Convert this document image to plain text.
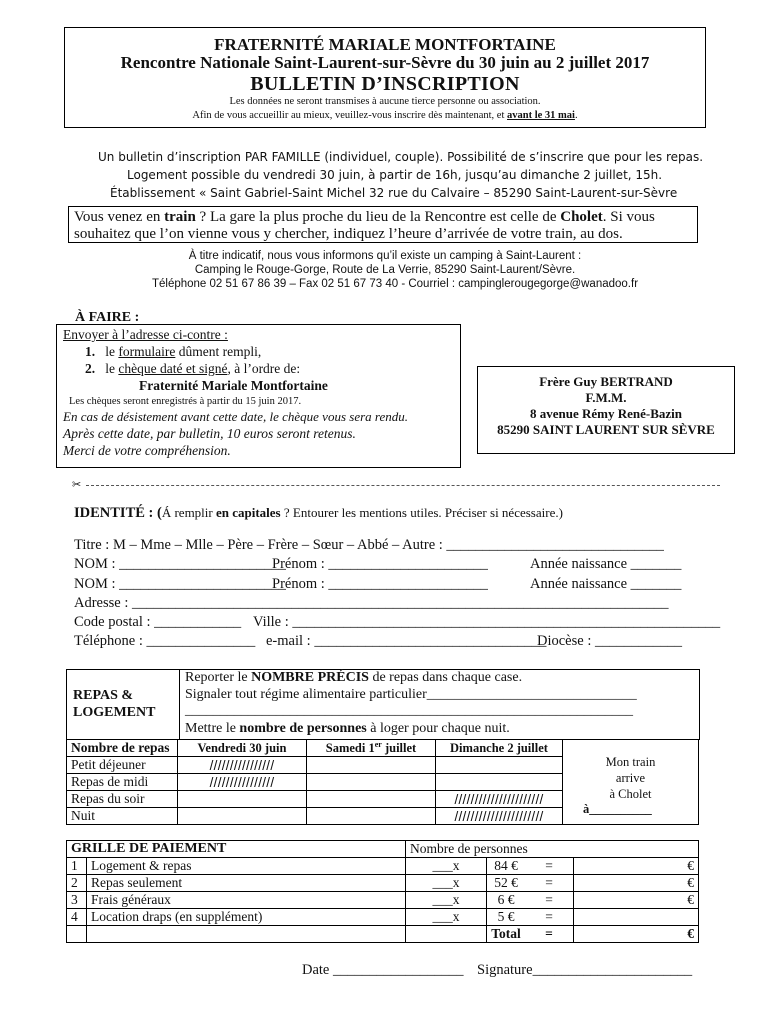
FRATERNITÉ MARIALE MONTFORTAINE
Rencontre Nationale Saint-Laurent-sur-Sèvre du 30 juin au 2 juillet 2017
BULLETIN D’INSCRIPTION
Les données ne seront transmises à aucune tierce personne ou association.
Afin de vous accueillir au mieux, veuillez-vous inscrire dès maintenant, et avant le 31 mai.
Un bulletin d’inscription PAR FAMILLE (individuel, couple). Possibilité de s’inscrire que pour les repas.
Logement possible du vendredi 30 juin, à partir de 16h, jusqu’au dimanche 2 juillet, 15h.
Établissement « Saint Gabriel-Saint Michel 32 rue du Calvaire – 85290 Saint-Laurent-sur-Sèvre
Vous venez en train ? La gare la plus proche du lieu de la Rencontre est celle de Cholet. Si vous souhaitez que l’on vienne vous y chercher, indiquez l’heure d’arrivée de votre train, au dos.
À titre indicatif, nous vous informons qu’il existe un camping à Saint-Laurent :
Camping le Rouge-Gorge, Route de La Verrie, 85290 Saint-Laurent/Sèvre.
Téléphone 02 51 67 86 39 – Fax 02 51 67 73 40 - Courriel : campinglerougegorge@wanadoo.fr
À FAIRE :
Envoyer à l’adresse ci-contre :
1. le formulaire dûment rempli,
2. le chèque daté et signé, à l’ordre de:
Fraternité Mariale Montfortaine
Les chèques seront enregistrés à partir du 15 juin 2017.
En cas de désistement avant cette date, le chèque vous sera rendu.
Après cette date, par bulletin, 10 euros seront retenus.
Merci de votre compréhension.
Frère Guy BERTRAND
F.M.M.
8 avenue Rémy René-Bazin
85290 SAINT LAURENT SUR SÈVRE
✂
IDENTITÉ : (Á remplir en capitales ? Entourer les mentions utiles. Préciser si nécessaire.)
Titre : M – Mme – Mlle – Père – Frère – Sœur – Abbé – Autre : ______________________________
NOM : _______________________
Prénom : ______________________	Année naissance _______
NOM : _______________________
Prénom : ______________________	Année naissance _______
Adresse : __________________________________________________________________________
Code postal : ____________ Ville : ___________________________________________________________
Téléphone : _______________ e-mail : ________________________________
Diocèse : ____________
REPAS &
LOGEMENT
Reporter le NOMBRE PRÉCIS de repas dans chaque case.
Signaler tout régime alimentaire particulier______________________________
________________________________________________________________
Mettre le nombre de personnes à loger pour chaque nuit.
Nombre de repas	Vendredi 30 juin	Samedi 1er juillet	Dimanche 2 juillet
Petit déjeuner	////////////////		
Repas de midi	////////////////		
Repas du soir			//////////////////////
Nuit			//////////////////////
Mon train
arrive
à Cholet
à__________
GRILLE DE PAIEMENT		Nombre de personnes			
1	Logement & repas	___x	84 €	=	€
2	Repas seulement	___x	52 €	=	€
3	Frais généraux	___x	6 €	=	€
4	Location draps (en supplément)	___x	5 €	=	
			Total	=	€
Date __________________ Signature______________________
